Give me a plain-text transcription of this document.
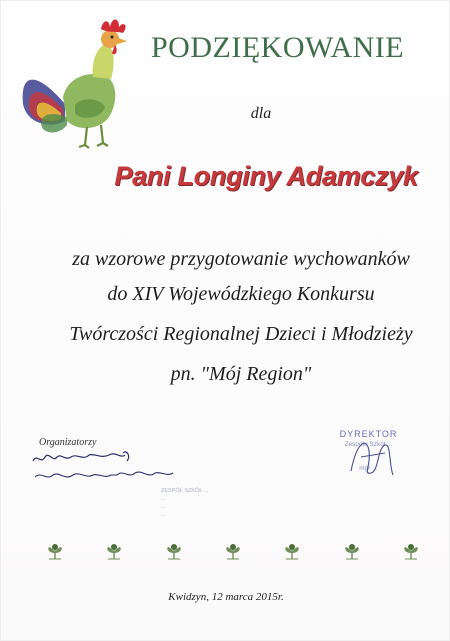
PODZIĘKOWANIE
dla
Pani Longiny Adamczyk
za wzorowe przygotowanie wychowanków
do XIV Wojewódzkiego Konkursu
Twórczości Regionalnej Dzieci i Młodzieży
pn. "Mój Region"
Organizatorzy
DYREKTOR
Zespołu Szkół ...
mgr ...
ZESPÓŁ SZKÓŁ ...
...
...
...
Kwidzyn, 12 marca 2015r.
